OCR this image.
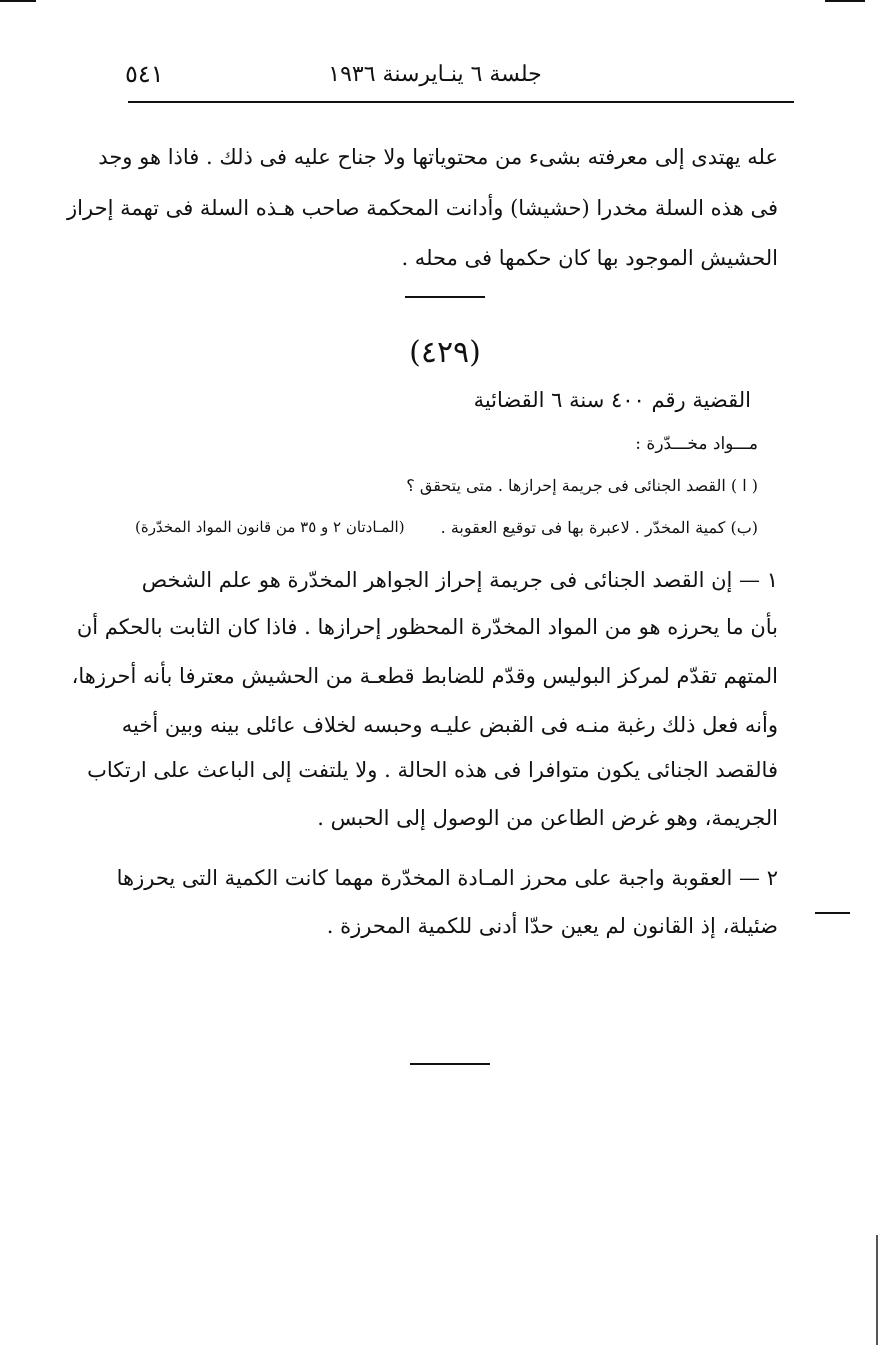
جلسة ٦ ينـايرسنة ١٩٣٦
٥٤١
عله يهتدى إلى معرفته بشىء من محتوياتها ولا جناح عليه فى ذلك . فاذا هو وجد
فى هذه السلة مخدرا (حشيشا) وأدانت المحكمة صاحب هـذه السلة فى تهمة إحراز
الحشيش الموجود بها كان حكمها فى محله .
(٤٢٩)
القضية رقم ٤٠٠ سنة ٦ القضائية
مـــواد مخـــدّرة :
( ا ) القصد الجنائى فى جريمة إحرازها . متى يتحقق ؟
(ب) كمية المخدّر . لاعبرة بها فى توقيع العقوبة .
(المـادتان ٢ و ٣٥ من قانون المواد المخدّرة)
١ — إن القصد الجنائى فى جريمة إحراز الجواهر المخدّرة هو علم الشخص
بأن ما يحرزه هو من المواد المخدّرة المحظور إحرازها . فاذا كان الثابت بالحكم أن
المتهم تقدّم لمركز البوليس وقدّم للضابط قطعـة من الحشيش معترفا بأنه أحرزها،
وأنه فعل ذلك رغبة منـه فى القبض عليـه وحبسه لخلاف عائلى بينه وبين أخيه
فالقصد الجنائى يكون متوافرا فى هذه الحالة . ولا يلتفت إلى الباعث على ارتكاب
الجريمة، وهو غرض الطاعن من الوصول إلى الحبس .
٢ — العقوبة واجبة على محرز المـادة المخدّرة مهما كانت الكمية التى يحرزها
ضئيلة، إذ القانون لم يعين حدّا أدنى للكمية المحرزة .
